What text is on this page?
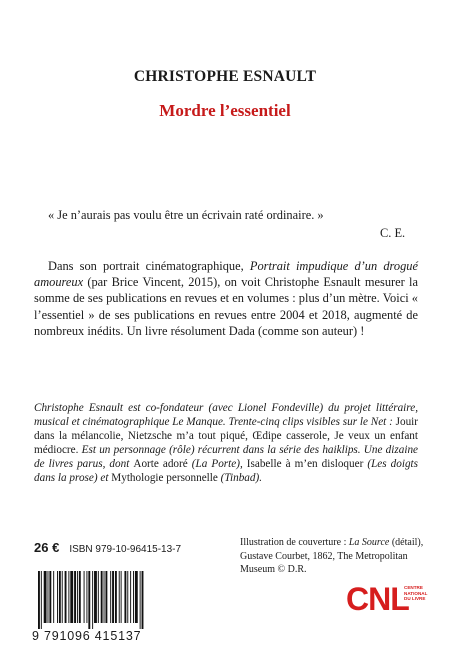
CHRISTOPHE ESNAULT
Mordre l’essentiel
« Je n’aurais pas voulu être un écrivain raté ordinaire. »
C. E.
Dans son portrait cinématographique, Portrait impudique d’un drogué amoureux (par Brice Vincent, 2015), on voit Christophe Esnault mesurer la somme de ses publications en revues et en volumes : plus d’un mètre. Voici « l’essentiel » de ses publications en revues entre 2004 et 2018, augmenté de nombreux inédits. Un livre résolument Dada (comme son auteur) !
Christophe Esnault est co-fondateur (avec Lionel Fondeville) du projet littéraire, musical et cinématographique Le Manque. Trente-cinq clips visibles sur le Net : Jouir dans la mélancolie, Nietzsche m’a tout piqué, Œdipe casserole, Je veux un enfant médiocre. Est un personnage (rôle) récurrent dans la série des haiklips. Une dizaine de livres parus, dont Aorte adoré (La Porte), Isabelle à m’en disloquer (Les doigts dans la prose) et Mythologie personnelle (Tinbad).
26 € ISBN 979-10-96415-13-7
Illustration de couverture : La Source (détail), Gustave Courbet, 1862, The Metropolitan Museum © D.R.
9 791096 415137
CNL
CENTRE NATIONAL DU LIVRE
